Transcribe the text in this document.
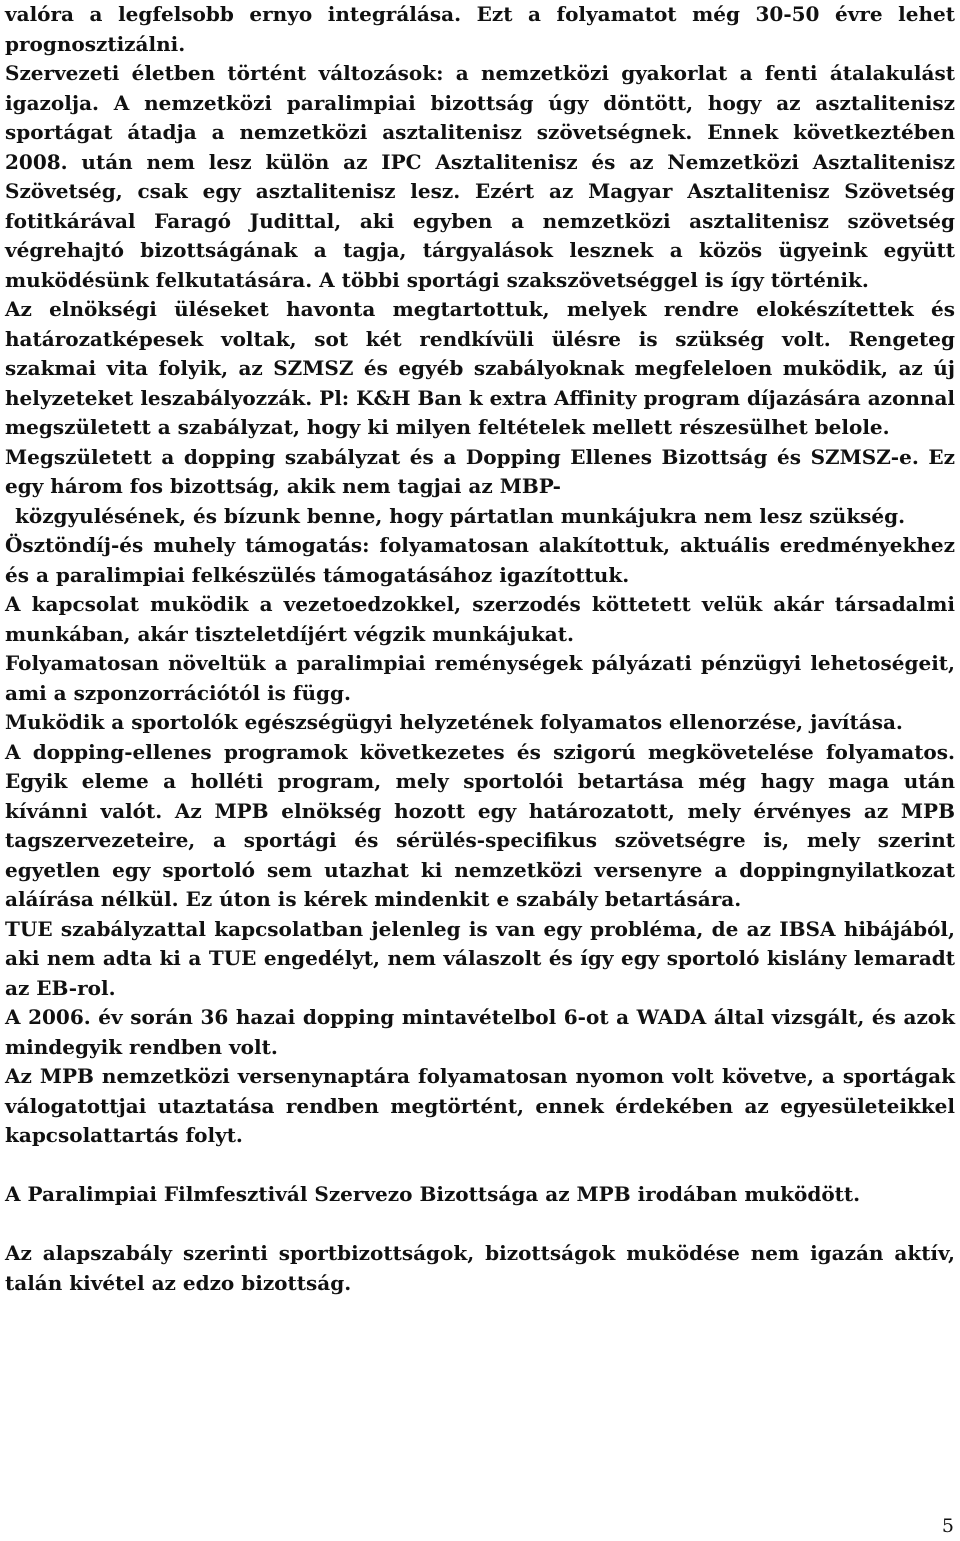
valóra a legfelsobb ernyo integrálása. Ezt a folyamatot még 30-50 évre lehet prognosztizálni.

Szervezeti életben történt változások: a nemzetközi gyakorlat a fenti átalakulást igazolja. A nemzetközi paralimpiai bizottság úgy döntött, hogy az asztalitenisz sportágat átadja a nemzetközi asztalitenisz szövetségnek. Ennek következtében 2008. után nem lesz külön az IPC Asztalitenisz és az Nemzetközi Asztalitenisz Szövetség, csak egy asztalitenisz lesz. Ezért az Magyar Asztalitenisz Szövetség fotitkárával Faragó Judittal, aki egyben a nemzetközi asztalitenisz szövetség végrehajtó bizottságának a tagja, tárgyalások lesznek a közös ügyeink együtt muködésünk felkutatására. A többi sportági szakszövetséggel is így történik.

Az elnökségi üléseket havonta megtartottuk, melyek rendre elokészítettek és határozatképesek voltak, sot két rendkívüli ülésre is szükség volt. Rengeteg szakmai vita folyik, az SZMSZ és egyéb szabályoknak megfeleloen muködik, az új helyzeteket leszabályozzák. Pl: K&H Ban k extra Affinity program díjazására azonnal megszületett a szabályzat, hogy ki milyen feltételek mellett részesülhet belole.

Megszületett a dopping szabályzat és a Dopping Ellenes Bizottság és SZMSZ-e. Ez egy három fos bizottság, akik nem tagjai az MBP-

közgyulésének, és bízunk benne, hogy pártatlan munkájukra nem lesz szükség.

Ösztöndíj-és muhely támogatás: folyamatosan alakítottuk, aktuális eredményekhez és a paralimpiai felkészülés támogatásához igazítottuk.

A kapcsolat muködik a vezetoedzokkel, szerzodés köttetett velük akár társadalmi munkában, akár tiszteletdíjért végzik munkájukat.

Folyamatosan növeltük a paralimpiai reménységek pályázati pénzügyi lehetoségeit, ami a szponzorrációtól is függ.

Muködik a sportolók egészségügyi helyzetének folyamatos ellenorzése, javítása.

A dopping-ellenes programok következetes és szigorú megkövetelése folyamatos. Egyik eleme a holléti program, mely sportolói betartása még hagy maga után kívánni valót. Az MPB elnökség hozott egy határozatott, mely érvényes az MPB tagszervezeteire, a sportági és sérülés-specifikus szövetségre is, mely szerint egyetlen egy sportoló sem utazhat ki nemzetközi versenyre a doppingnyilatkozat aláírása nélkül. Ez úton is kérek mindenkit e szabály betartására.

TUE szabályzattal kapcsolatban jelenleg is van egy probléma, de az IBSA hibájából, aki nem adta ki a TUE engedélyt, nem válaszolt és így egy sportoló kislány lemaradt az EB-rol.

A 2006. év során 36 hazai dopping mintavételbol 6-ot a WADA által vizsgált, és azok mindegyik rendben volt.

Az MPB nemzetközi versenynaptára folyamatosan nyomon volt követve, a sportágak válogatottjai utaztatása rendben megtörtént, ennek érdekében az egyesületeikkel kapcsolattartás folyt.

A Paralimpiai Filmfesztivál Szervezo Bizottsága az MPB irodában muködött.

Az alapszabály szerinti sportbizottságok, bizottságok muködése nem igazán aktív, talán kivétel az edzo bizottság.

5
